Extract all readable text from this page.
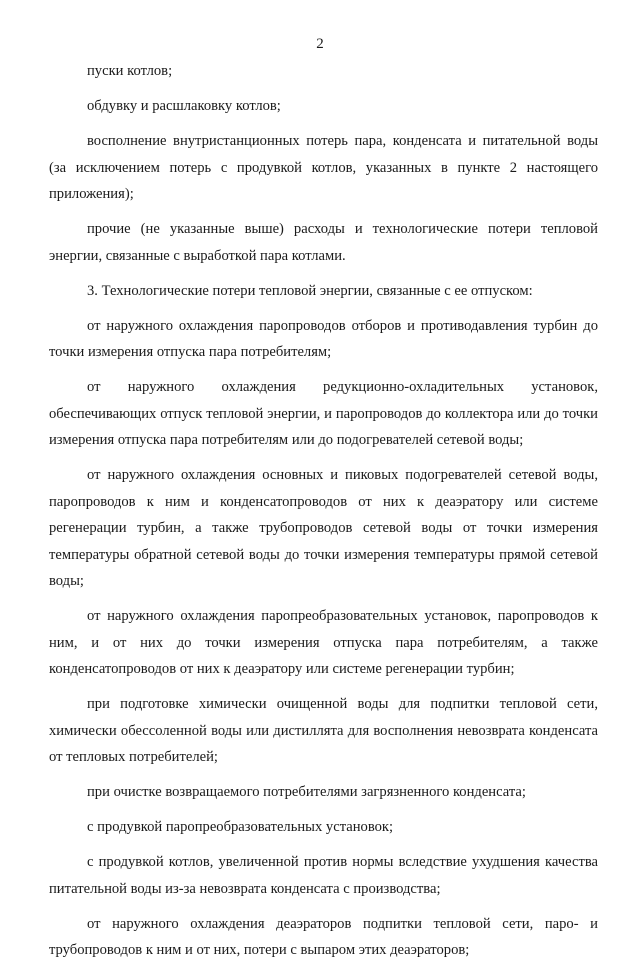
2

пуски котлов;

обдувку и расшлаковку котлов;

восполнение внутристанционных потерь пара, конденсата и питательной воды (за исключением потерь с продувкой котлов, указанных в пункте 2 настоящего приложения);

прочие (не указанные выше) расходы и технологические потери тепловой энергии, связанные с выработкой пара котлами.

3. Технологические потери тепловой энергии, связанные с ее отпуском:

от наружного охлаждения паропроводов отборов и противодавления турбин до точки измерения отпуска пара потребителям;

от наружного охлаждения редукционно-охладительных установок, обеспечивающих отпуск тепловой энергии, и паропроводов до коллектора или до точки измерения отпуска пара потребителям или до подогревателей сетевой воды;

от наружного охлаждения основных и пиковых подогревателей сетевой воды, паропроводов к ним и конденсатопроводов от них к деаэратору или системе регенерации турбин, а также трубопроводов сетевой воды от точки измерения температуры обратной сетевой воды до точки измерения температуры прямой сетевой воды;

от наружного охлаждения паропреобразовательных установок, паропроводов к ним, и от них до точки измерения отпуска пара потребителям, а также конденсатопроводов от них к деаэратору или системе регенерации турбин;

при подготовке химически очищенной воды для подпитки тепловой сети, химически обессоленной воды или дистиллята для восполнения невозврата конденсата от тепловых потребителей;

при очистке возвращаемого потребителями загрязненного конденсата;

с продувкой паропреобразовательных установок;

с продувкой котлов, увеличенной против нормы вследствие ухудшения качества питательной воды из-за невозврата конденсата с производства;

от наружного охлаждения деаэраторов подпитки тепловой сети, паро- и трубопроводов к ним и от них, потери с выпаром этих деаэраторов;
